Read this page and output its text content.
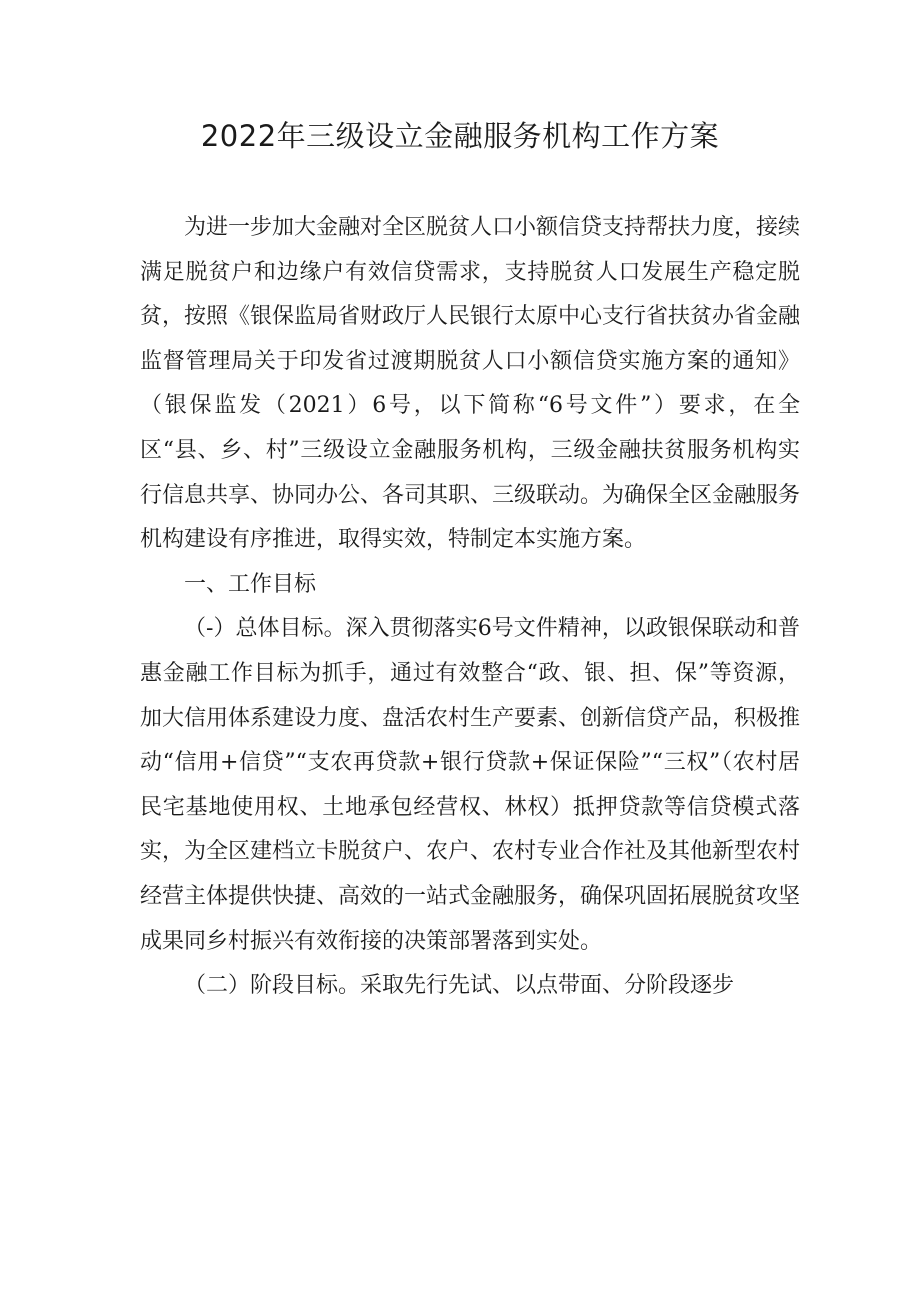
2022年三级设立金融服务机构工作方案

为进一步加大金融对全区脱贫人口小额信贷支持帮扶力度，接续满足脱贫户和边缘户有效信贷需求，支持脱贫人口发展生产稳定脱贫，按照《银保监局省财政厅人民银行太原中心支行省扶贫办省金融监督管理局关于印发省过渡期脱贫人口小额信贷实施方案的通知》（银保监发（2021）6号，以下简称“6号文件”）要求，在全区“县、乡、村”三级设立金融服务机构，三级金融扶贫服务机构实行信息共享、协同办公、各司其职、三级联动。为确保全区金融服务机构建设有序推进，取得实效，特制定本实施方案。

一、工作目标

（-）总体目标。深入贯彻落实6号文件精神，以政银保联动和普惠金融工作目标为抓手，通过有效整合“政、银、担、保”等资源，加大信用体系建设力度、盘活农村生产要素、创新信贷产品，积极推动“信用+信贷”“支农再贷款+银行贷款+保证保险”“三权”（农村居民宅基地使用权、土地承包经营权、林权）抵押贷款等信贷模式落实，为全区建档立卡脱贫户、农户、农村专业合作社及其他新型农村经营主体提供快捷、高效的一站式金融服务，确保巩固拓展脱贫攻坚成果同乡村振兴有效衔接的决策部署落到实处。

（二）阶段目标。采取先行先试、以点带面、分阶段逐步
